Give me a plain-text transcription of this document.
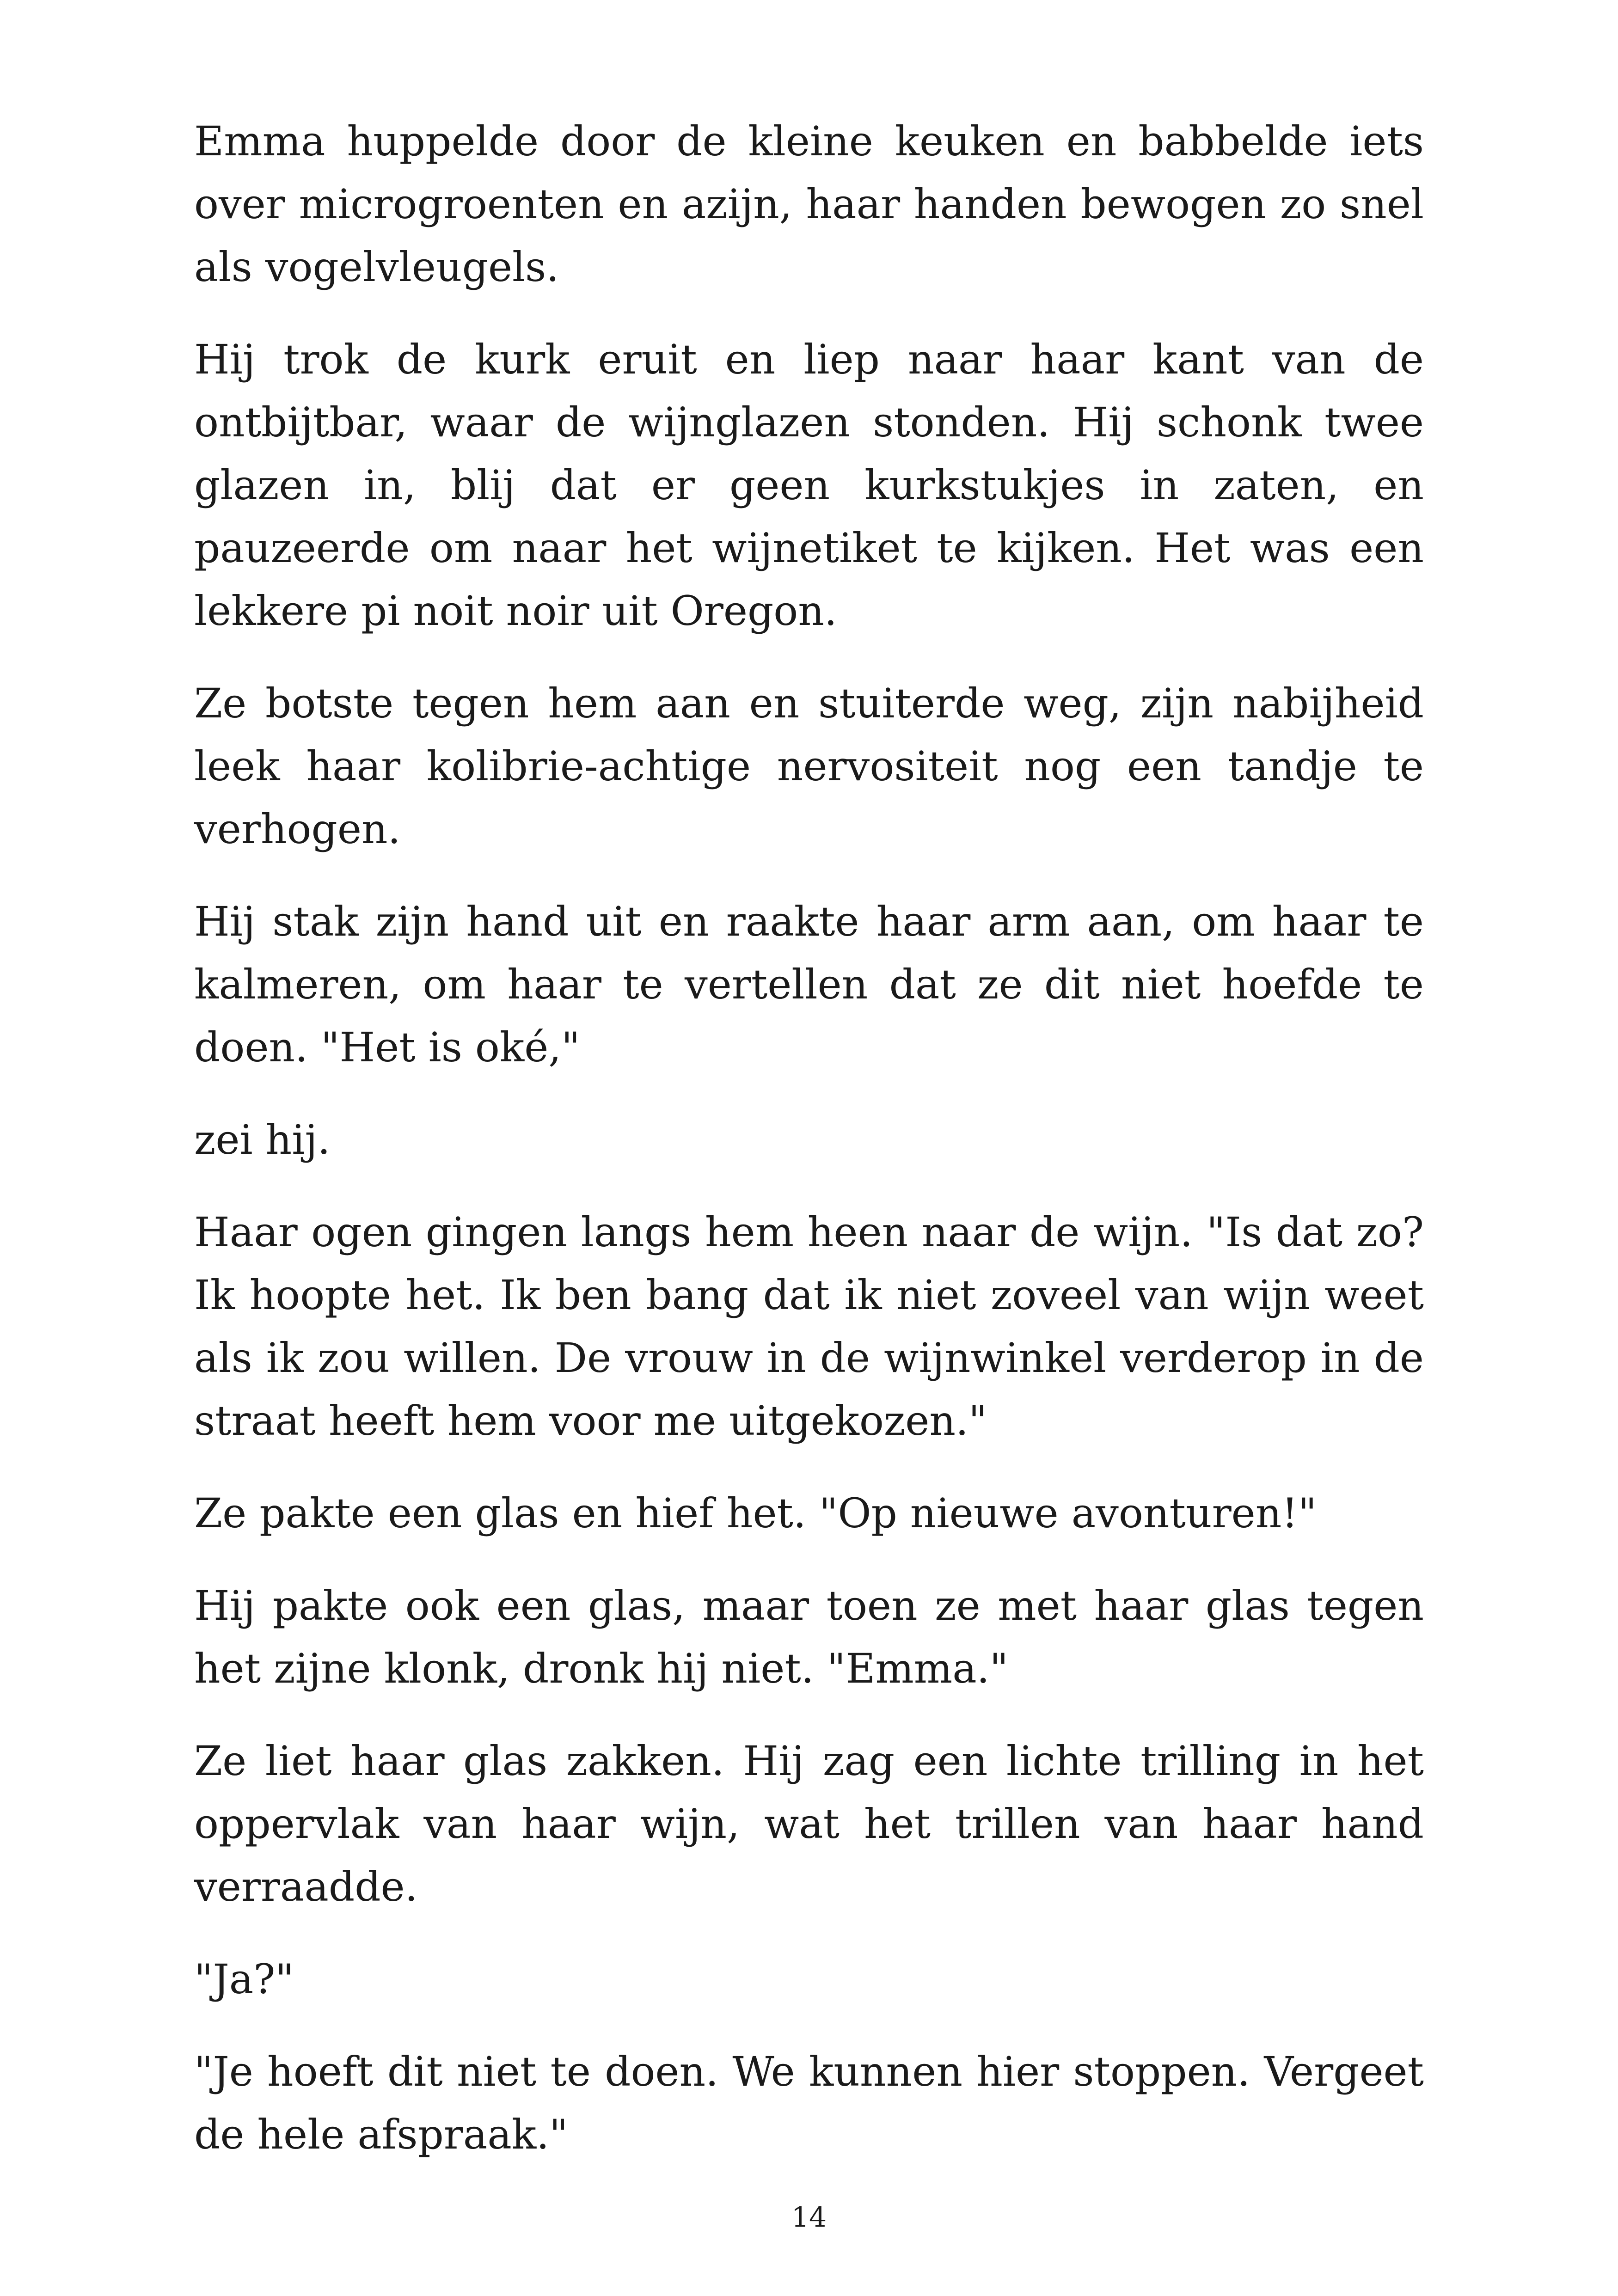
Emma huppelde door de kleine keuken en babbelde iets over microgroenten en azijn, haar handen bewogen zo snel als vogelvleugels.

Hij trok de kurk eruit en liep naar haar kant van de ontbijtbar, waar de wijnglazen stonden. Hij schonk twee glazen in, blij dat er geen kurkstukjes in zaten, en pauzeerde om naar het wijnetiket te kijken. Het was een lekkere pi noit noir uit Oregon.

Ze botste tegen hem aan en stuiterde weg, zijn nabijheid leek haar kolibrie-achtige nervositeit nog een tandje te verhogen.

Hij stak zijn hand uit en raakte haar arm aan, om haar te kalmeren, om haar te vertellen dat ze dit niet hoefde te doen. "Het is oké,"

zei hij.

Haar ogen gingen langs hem heen naar de wijn. "Is dat zo? Ik hoopte het. Ik ben bang dat ik niet zoveel van wijn weet als ik zou willen. De vrouw in de wijnwinkel verderop in de straat heeft hem voor me uitgekozen."

Ze pakte een glas en hief het. "Op nieuwe avonturen!"

Hij pakte ook een glas, maar toen ze met haar glas tegen het zijne klonk, dronk hij niet. "Emma."

Ze liet haar glas zakken. Hij zag een lichte trilling in het oppervlak van haar wijn, wat het trillen van haar hand verraadde.

"Ja?"

"Je hoeft dit niet te doen. We kunnen hier stoppen. Vergeet de hele afspraak."

14
